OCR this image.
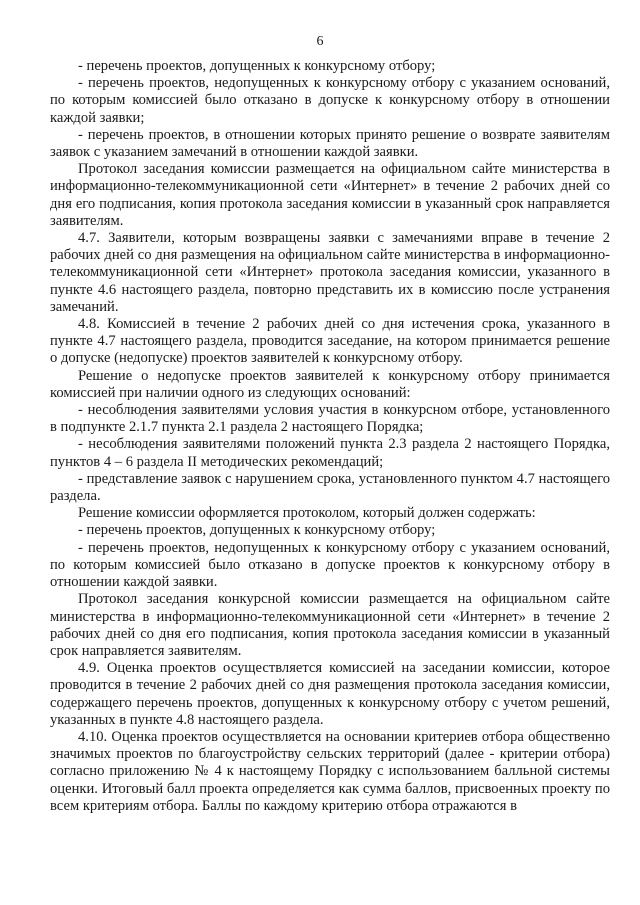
6

- перечень проектов, допущенных к конкурсному отбору;

- перечень проектов, недопущенных к конкурсному отбору с указанием оснований, по которым комиссией было отказано в допуске к конкурсному отбору в отношении каждой заявки;

- перечень проектов, в отношении которых принято решение о возврате заявителям заявок с указанием замечаний в отношении каждой заявки.

Протокол заседания комиссии размещается на официальном сайте министерства в информационно-телекоммуникационной сети «Интернет» в течение 2 рабочих дней со дня его подписания, копия протокола заседания комиссии в указанный срок направляется заявителям.

4.7. Заявители, которым возвращены заявки с замечаниями вправе в течение 2 рабочих дней со дня размещения на официальном сайте министерства в информационно-телекоммуникационной сети «Интернет» протокола заседания комиссии, указанного в пункте 4.6 настоящего раздела, повторно представить их в комиссию после устранения замечаний.

4.8. Комиссией в течение 2 рабочих дней со дня истечения срока, указанного в пункте 4.7 настоящего раздела, проводится заседание, на котором принимается решение о допуске (недопуске) проектов заявителей к конкурсному отбору.

Решение о недопуске проектов заявителей к конкурсному отбору принимается комиссией при наличии одного из следующих оснований:

- несоблюдения заявителями условия участия в конкурсном отборе, установленного в подпункте 2.1.7 пункта 2.1 раздела 2 настоящего Порядка;

- несоблюдения заявителями положений пункта 2.3 раздела 2 настоящего Порядка, пунктов 4 – 6 раздела II методических рекомендаций;

- представление заявок с нарушением срока, установленного пунктом 4.7 настоящего раздела.

Решение комиссии оформляется протоколом, который должен содержать:

- перечень проектов, допущенных к конкурсному отбору;

- перечень проектов, недопущенных к конкурсному отбору с указанием оснований, по которым комиссией было отказано в допуске проектов к конкурсному отбору в отношении каждой заявки.

Протокол заседания конкурсной комиссии размещается на официальном сайте министерства в информационно-телекоммуникационной сети «Интернет» в течение 2 рабочих дней со дня его подписания, копия протокола заседания комиссии в указанный срок направляется заявителям.

4.9. Оценка проектов осуществляется комиссией на заседании комиссии, которое проводится в течение 2 рабочих дней со дня размещения протокола заседания комиссии, содержащего перечень проектов, допущенных к конкурсному отбору с учетом решений, указанных в пункте 4.8 настоящего раздела.

4.10. Оценка проектов осуществляется на основании критериев отбора общественно значимых проектов по благоустройству сельских территорий (далее - критерии отбора) согласно приложению № 4 к настоящему Порядку с использованием балльной системы оценки. Итоговый балл проекта определяется как сумма баллов, присвоенных проекту по всем критериям отбора. Баллы по каждому критерию отбора отражаются в
